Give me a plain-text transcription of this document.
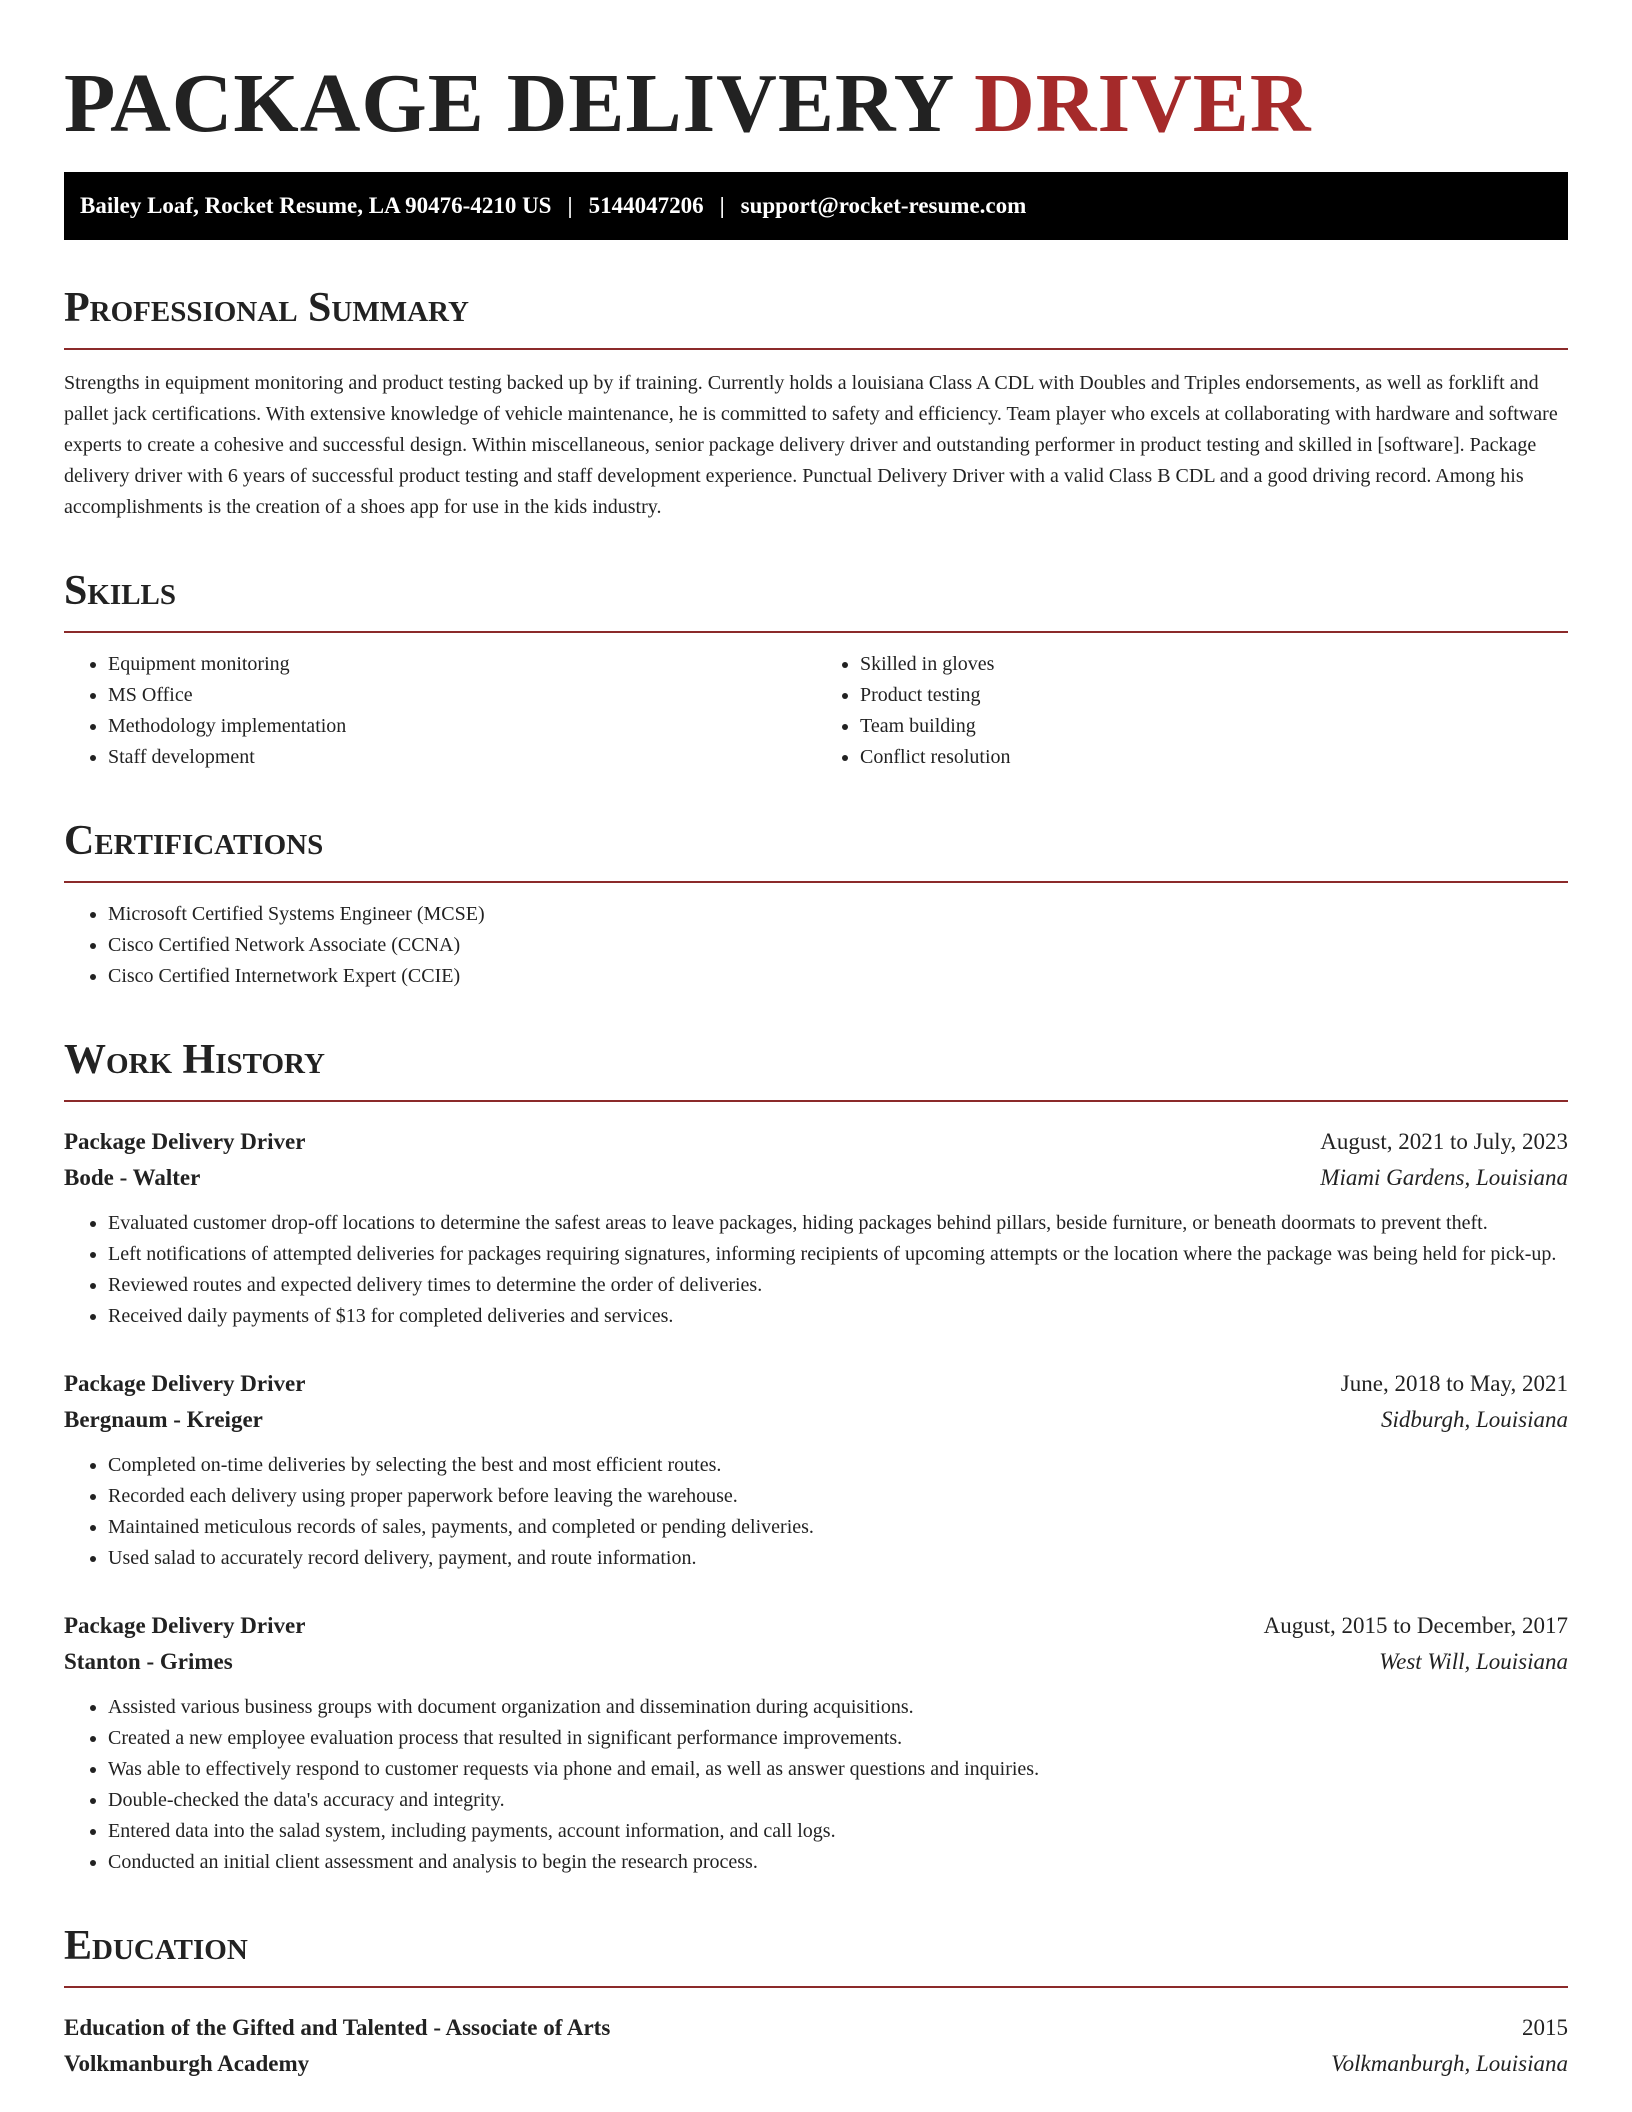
PACKAGE DELIVERY DRIVER
Bailey Loaf, Rocket Resume, LA 90476-4210 US | 5144047206 | support@rocket-resume.com
Professional Summary

Strengths in equipment monitoring and product testing backed up by if training. Currently holds a louisiana Class A CDL with Doubles and Triples endorsements, as well as forklift and pallet jack certifications. With extensive knowledge of vehicle maintenance, he is committed to safety and efficiency. Team player who excels at collaborating with hardware and software experts to create a cohesive and successful design. Within miscellaneous, senior package delivery driver and outstanding performer in product testing and skilled in [software]. Package delivery driver with 6 years of successful product testing and staff development experience. Punctual Delivery Driver with a valid Class B CDL and a good driving record. Among his accomplishments is the creation of a shoes app for use in the kids industry.

Skills
• Equipment monitoring
• MS Office
• Methodology implementation
• Staff development
• Skilled in gloves
• Product testing
• Team building
• Conflict resolution
Certifications
• Microsoft Certified Systems Engineer (MCSE)
• Cisco Certified Network Associate (CCNA)
• Cisco Certified Internetwork Expert (CCIE)
Work History
Package Delivery Driver	August, 2021 to July, 2023
Bode - Walter	Miami Gardens, Louisiana
• Evaluated customer drop-off locations to determine the safest areas to leave packages, hiding packages behind pillars, beside furniture, or beneath doormats to prevent theft.
• Left notifications of attempted deliveries for packages requiring signatures, informing recipients of upcoming attempts or the location where the package was being held for pick-up.
• Reviewed routes and expected delivery times to determine the order of deliveries.
• Received daily payments of $13 for completed deliveries and services.
Package Delivery Driver	June, 2018 to May, 2021
Bergnaum - Kreiger	Sidburgh, Louisiana
• Completed on-time deliveries by selecting the best and most efficient routes.
• Recorded each delivery using proper paperwork before leaving the warehouse.
• Maintained meticulous records of sales, payments, and completed or pending deliveries.
• Used salad to accurately record delivery, payment, and route information.
Package Delivery Driver	August, 2015 to December, 2017
Stanton - Grimes	West Will, Louisiana
• Assisted various business groups with document organization and dissemination during acquisitions.
• Created a new employee evaluation process that resulted in significant performance improvements.
• Was able to effectively respond to customer requests via phone and email, as well as answer questions and inquiries.
• Double-checked the data's accuracy and integrity.
• Entered data into the salad system, including payments, account information, and call logs.
• Conducted an initial client assessment and analysis to begin the research process.
Education
Education of the Gifted and Talented - Associate of Arts	2015
Volkmanburgh Academy	Volkmanburgh, Louisiana
